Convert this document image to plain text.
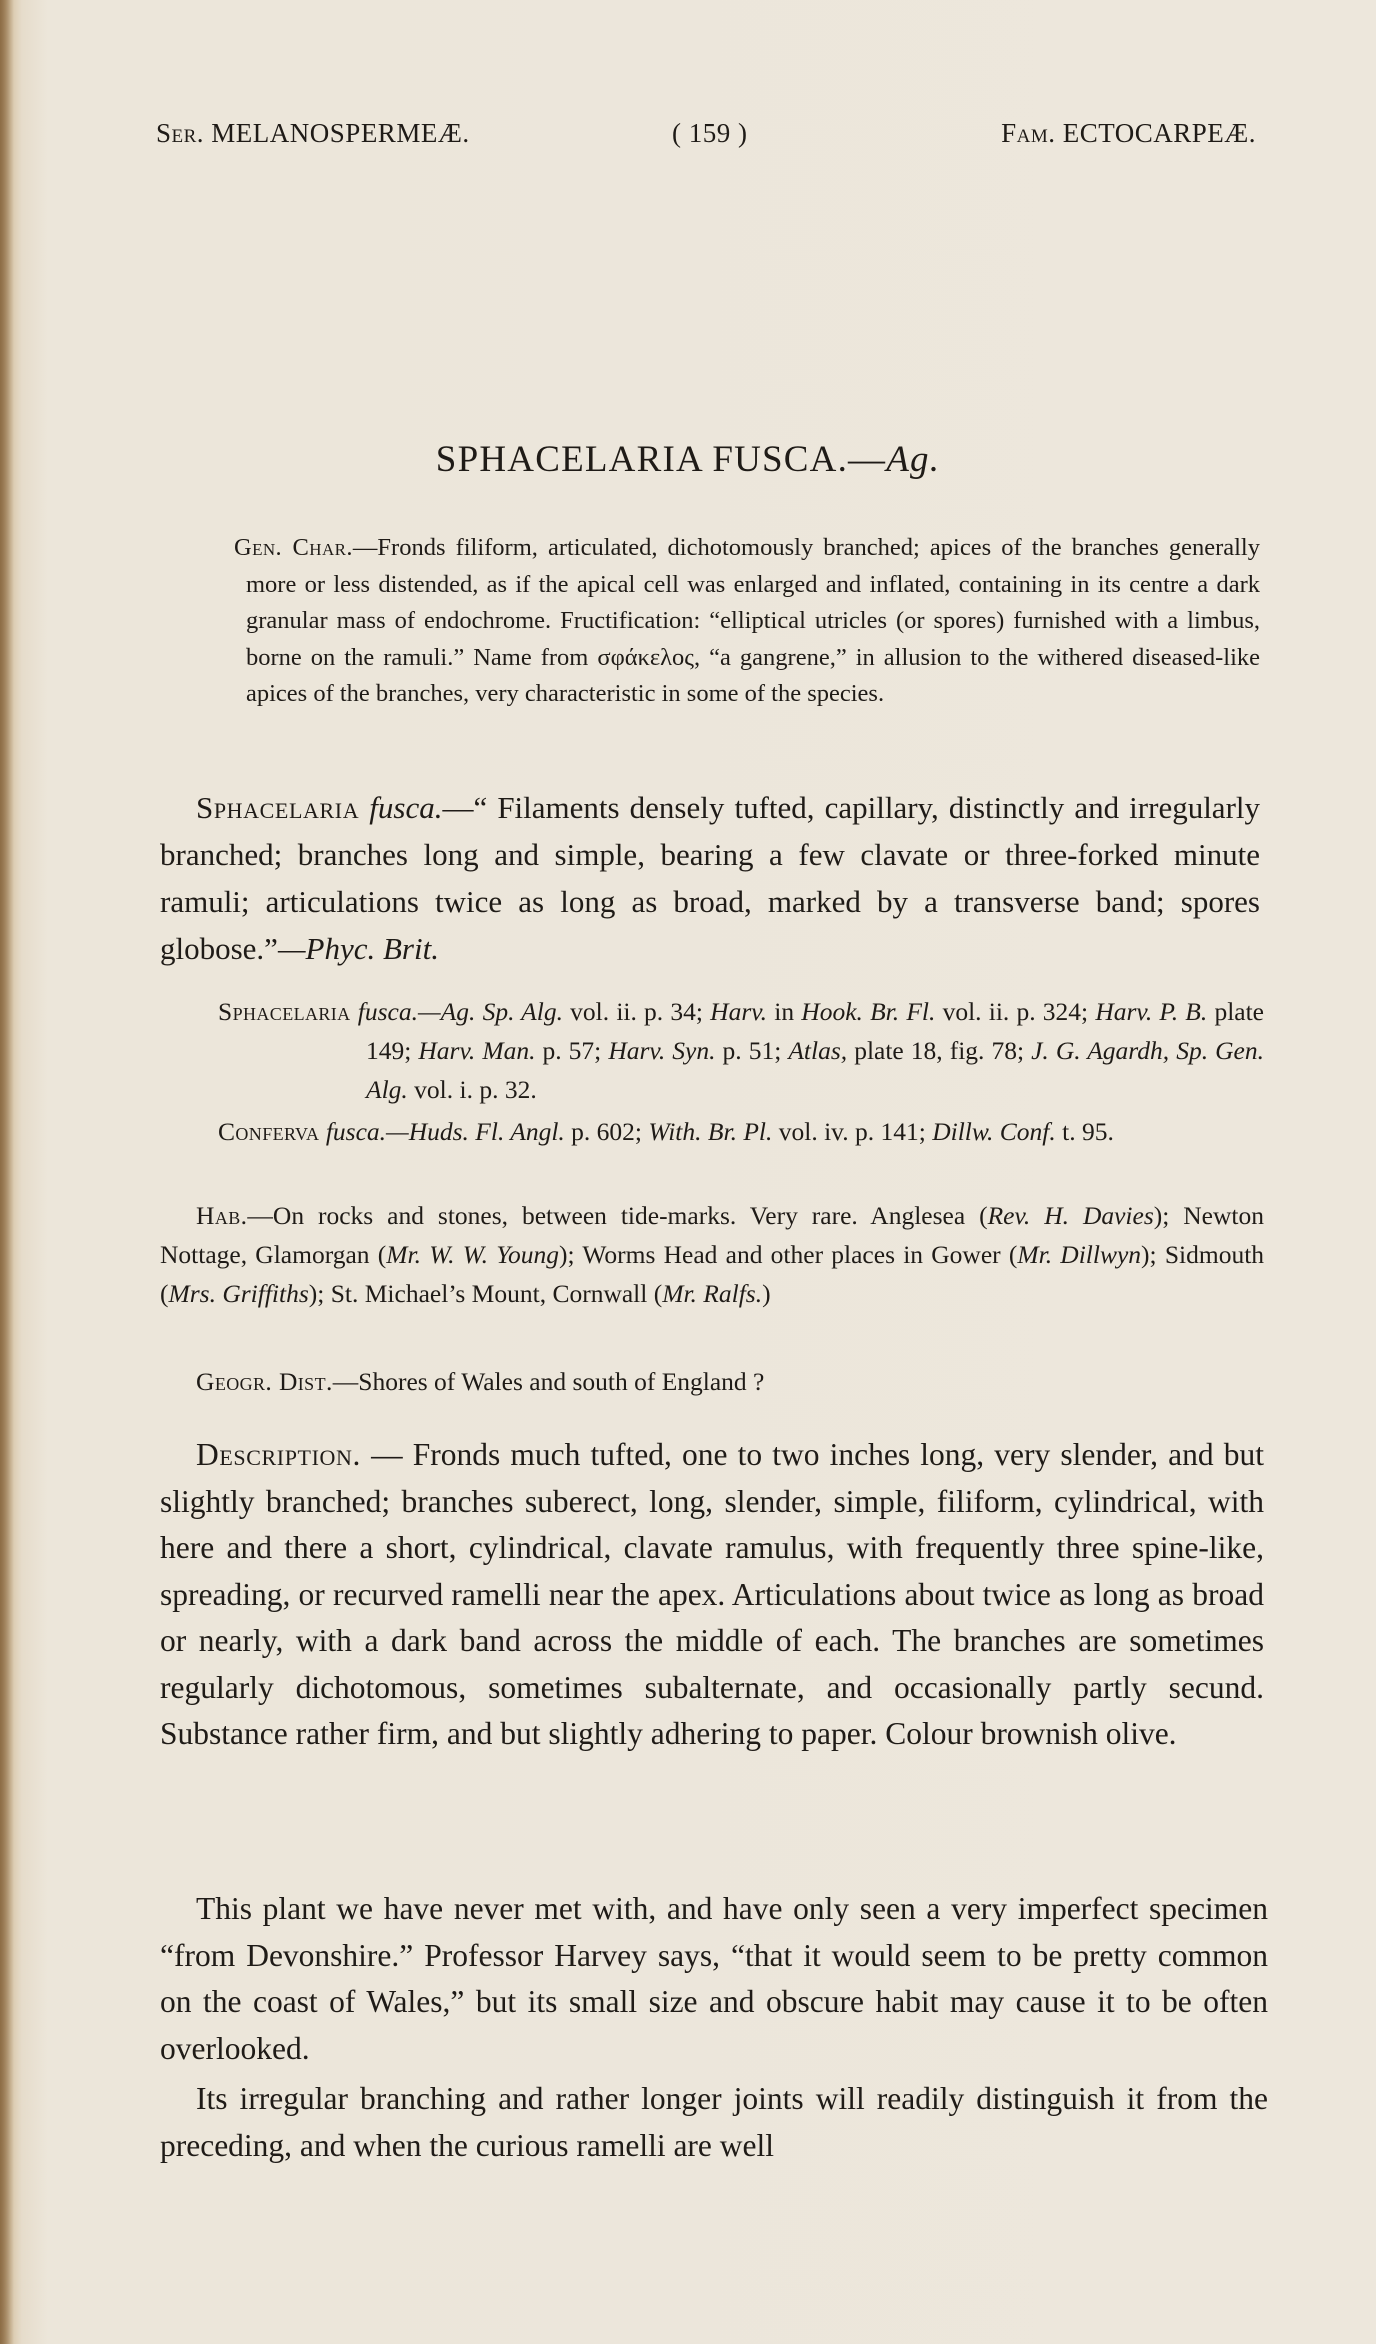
Ser. MELANOSPERMEÆ.	( 159 )	Fam. ECTOCARPEÆ.
SPHACELARIA FUSCA.—Ag.

Gen. Char.—Fronds filiform, articulated, dichotomously branched; apices of the branches generally more or less distended, as if the apical cell was enlarged and inflated, containing in its centre a dark granular mass of endochrome. Fructification: “elliptical utricles (or spores) furnished with a limbus, borne on the ramuli.” Name from σφάκελος, “a gangrene,” in allusion to the withered diseased-like apices of the branches, very characteristic in some of the species.

Sphacelaria fusca.—“ Filaments densely tufted, capillary, distinctly and irregularly branched; branches long and simple, bearing a few clavate or three-forked minute ramuli; articulations twice as long as broad, marked by a transverse band; spores globose.”—Phyc. Brit.

Sphacelaria fusca.—Ag. Sp. Alg. vol. ii. p. 34; Harv. in Hook. Br. Fl. vol. ii. p. 324; Harv. P. B. plate 149; Harv. Man. p. 57; Harv. Syn. p. 51; Atlas, plate 18, fig. 78; J. G. Agardh, Sp. Gen. Alg. vol. i. p. 32.

Conferva fusca.—Huds. Fl. Angl. p. 602; With. Br. Pl. vol. iv. p. 141; Dillw. Conf. t. 95.

Hab.—On rocks and stones, between tide-marks. Very rare. Anglesea (Rev. H. Davies); Newton Nottage, Glamorgan (Mr. W. W. Young); Worms Head and other places in Gower (Mr. Dillwyn); Sidmouth (Mrs. Griffiths); St. Michael’s Mount, Cornwall (Mr. Ralfs.)

Geogr. Dist.—Shores of Wales and south of England ?

Description. — Fronds much tufted, one to two inches long, very slender, and but slightly branched; branches suberect, long, slender, simple, filiform, cylindrical, with here and there a short, cylindrical, clavate ramulus, with frequently three spine-like, spreading, or recurved ramelli near the apex. Articulations about twice as long as broad or nearly, with a dark band across the middle of each. The branches are sometimes regularly dichotomous, sometimes subalternate, and occasionally partly secund. Substance rather firm, and but slightly adhering to paper. Colour brownish olive.

This plant we have never met with, and have only seen a very imperfect specimen “from Devonshire.” Professor Harvey says, “that it would seem to be pretty common on the coast of Wales,” but its small size and obscure habit may cause it to be often overlooked.

Its irregular branching and rather longer joints will readily distinguish it from the preceding, and when the curious ramelli are well
